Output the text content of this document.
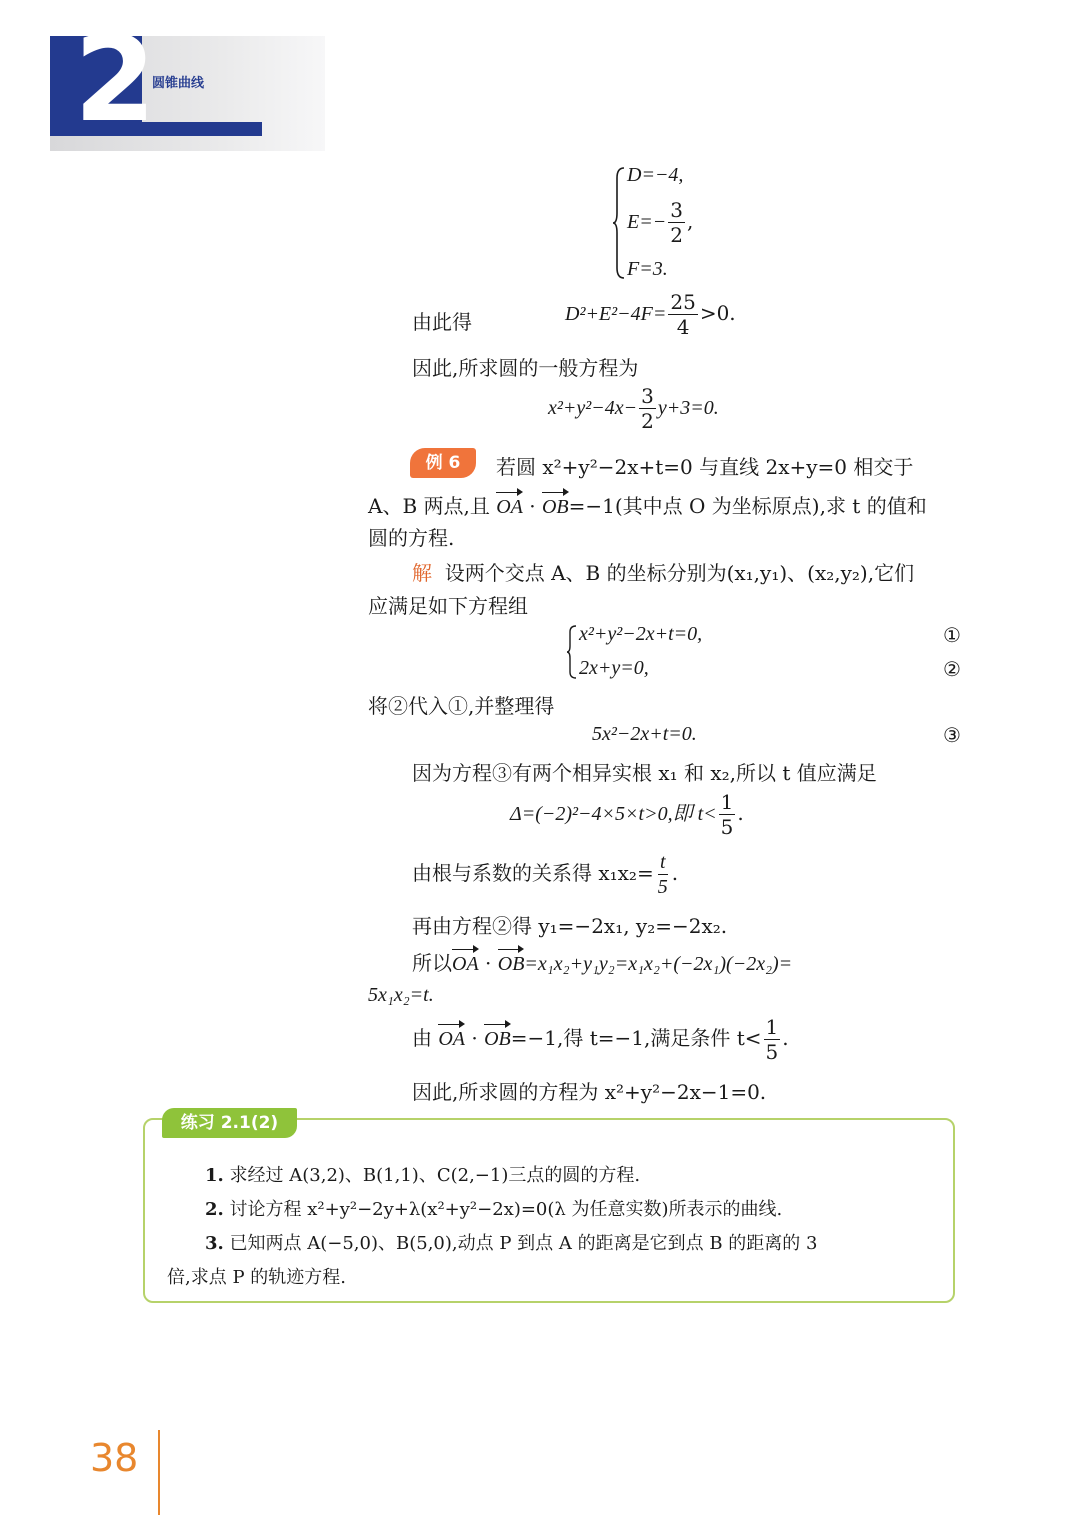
2
圆锥曲线
D=−4,
$E=- \frac{3}{2}$ ,
F=3.
由此得	$D^2+E^2-4F= \frac{25}{4} >0$.
因此,所求圆的一般方程为
$x^2+y^2-4x- \frac{3}{2} y+3=0$.
例 6	若圆 x²+y²−2x+t=0 与直线 2x+y=0 相交于
A、B 两点,且 OA · OB=−1(其中点 O 为坐标原点),求 t 的值和
圆的方程.
解 设两个交点 A、B 的坐标分别为(x₁,y₁)、(x₂,y₂),它们
应满足如下方程组
x²+y²−2x+t=0,
2x+y=0,
①
②
将②代入①,并整理得
5x²−2x+t=0.	③
因为方程③有两个相异实根 x₁ 和 x₂,所以 t 值应满足
Δ=(−2)²−4×5×t>0,即 $t< \frac{1}{5}$ .
由根与系数的关系得 $x_1x_2= \frac{t}{5}$ .
再由方程②得 y₁=−2x₁, y₂=−2x₂.
所以OA · OB=x₁x₂+y₁y₂=x₁x₂+(−2x₁)(−2x₂)=
5x₁x₂=t.
由 OA · OB=−1,得 t=−1,满足条件 $t< \frac{1}{5}$ .
因此,所求圆的方程为 x²+y²−2x−1=0.
练习 2.1(2)
1. 求经过 A(3,2)、B(1,1)、C(2,−1)三点的圆的方程.
2. 讨论方程 x²+y²−2y+λ(x²+y²−2x)=0(λ 为任意实数)所表示的曲线.
3. 已知两点 A(−5,0)、B(5,0),动点 P 到点 A 的距离是它到点 B 的距离的 3
倍,求点 P 的轨迹方程.
38
